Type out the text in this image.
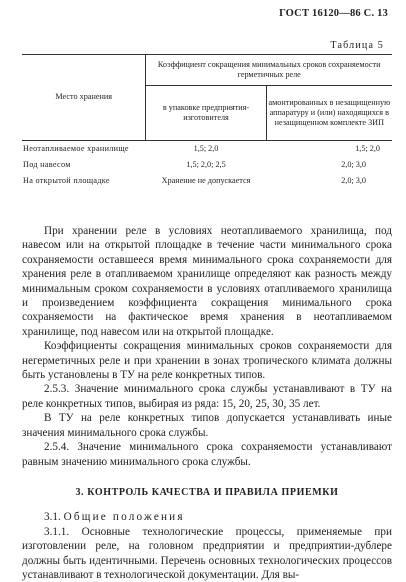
ГОСТ 16120—86 С. 13
Таблица 5
Место хранения	Коэффициент сокращения минимальных сроков сохраняемости герметичных реле	
	в упаковке предприятия-изготовителя	амонтированных в незащищенную аппаратуру и (или) находящихся в незащищенном комплекте ЗИП
Неотапливаемое хранилище	1,5; 2,0	1,5; 2,0
Под навесом	1,5; 2,0; 2,5	2,0; 3,0
На открытой площадке	Хранение не допускается	2,0; 3,0

При хранении реле в условиях неотапливаемого хранилища, под навесом или на открытой площадке в течение части минимального срока сохраняемости оставшееся время минимального срока сохраняемости для хранения реле в отапливаемом хранилище определяют как разность между минимальным сроком сохраняемости в условиях отапливаемого хранилища и произведением коэффициента сокращения минимального срока сохраняемости на фактическое время хранения в неотапливаемом хранилище, под навесом или на открытой площадке.

Коэффициенты сокращения минимальных сроков сохраняемости для негерметичных реле и при хранении в зонах тропического климата должны быть установлены в ТУ на реле конкретных типов.

2.5.3. Значение минимального срока службы устанавливают в ТУ на реле конкретных типов, выбирая из ряда: 15, 20, 25, 30, 35 лет.

В ТУ на реле конкретных типов допускается устанавливать иные значения минимального срока службы.

2.5.4. Значение минимального срока сохраняемости устанавливают равным значению минимального срока службы.

3. КОНТРОЛЬ КАЧЕСТВА И ПРАВИЛА ПРИЕМКИ

3.1. Общие положения

3.1.1. Основные технологические процессы, применяемые при изготовлении реле, на головном предприятии и предприятии-дублере должны быть идентичными. Перечень основных технологических процессов устанавливают в технологической документации. Для вы-
